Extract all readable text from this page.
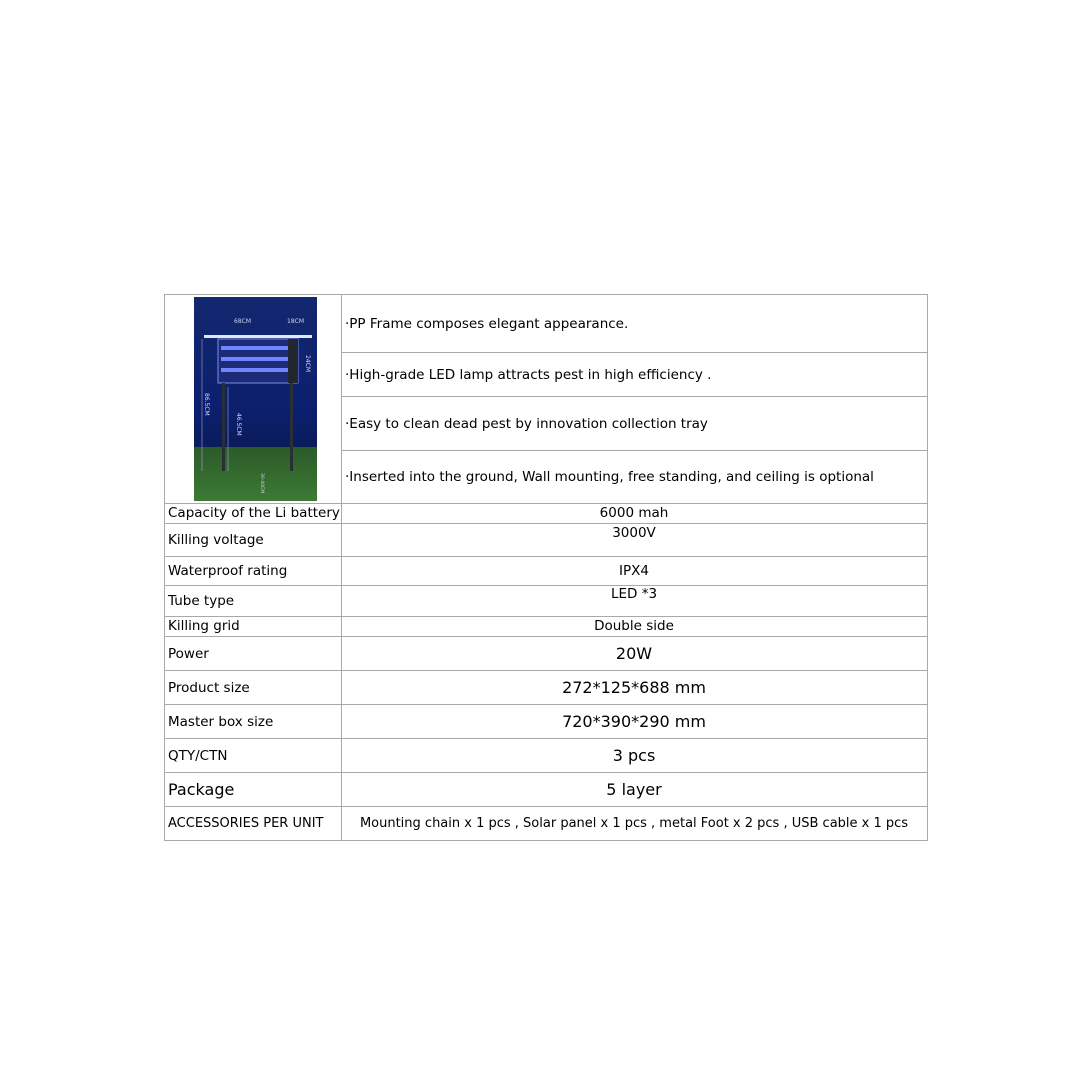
68CM	18CM
24CM
86.5CM
46.5CM
30-40CM
·PP Frame composes elegant appearance.
·High-grade LED lamp attracts pest in high efficiency .
·Easy to clean dead pest by innovation collection tray
·Inserted into the ground, Wall mounting, free standing, and ceiling is optional
Capacity of the Li battery	6000 mah
Killing voltage	3000V
Waterproof rating	IPX4
Tube type	LED *3
Killing grid	Double side
Power	20W
Product size	272*125*688 mm
Master box size	720*390*290 mm
QTY/CTN	3 pcs
Package	5 layer
ACCESSORIES PER UNIT	Mounting chain x 1 pcs , Solar panel x 1 pcs , metal Foot x 2 pcs , USB cable x 1 pcs
